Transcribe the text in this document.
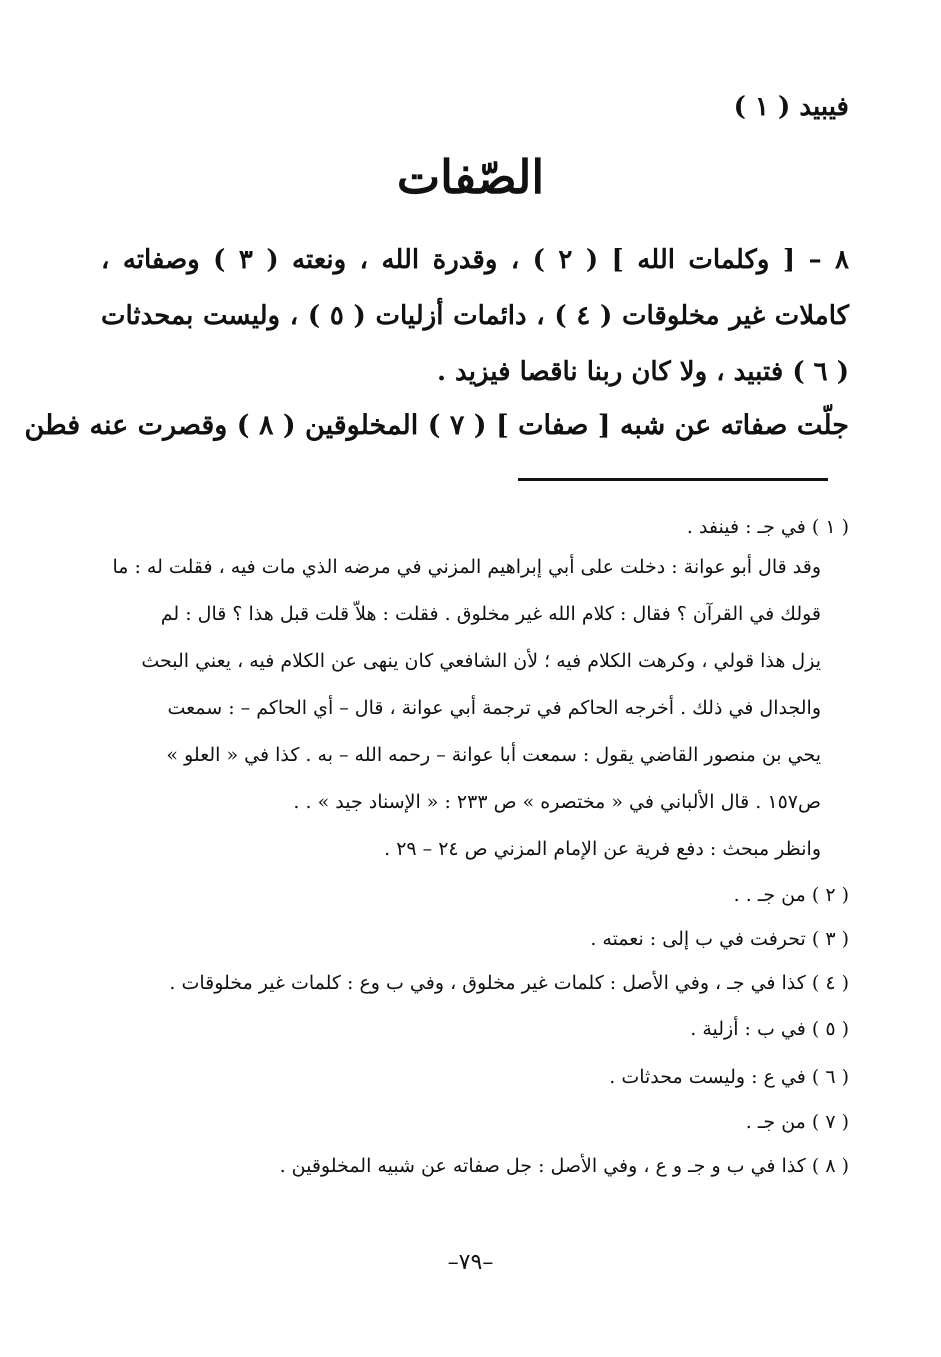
فيبيد ( ١ )
الصّفات
٨ – [ وكلمات الله ] ( ٢ ) ، وقدرة الله ، ونعته ( ٣ ) وصفاته ، كاملات غير مخلوقات ( ٤ ) ، دائمات أزليات ( ٥ ) ، وليست بمحدثات ( ٦ ) فتبيد ، ولا كان ربنا ناقصا فيزيد .
جلّت صفاته عن شبه [ صفات ] ( ٧ ) المخلوقين ( ٨ ) وقصرت عنه فطن
( ١ ) في جـ : فينفد .
وقد قال أبو عوانة : دخلت على أبي إبراهيم المزني في مرضه الذي مات فيه ، فقلت له : ما
قولك في القرآن ؟ فقال : كلام الله غير مخلوق . فقلت : هلاّ قلت قبل هذا ؟ قال : لم
يزل هذا قولي ، وكرهت الكلام فيه ؛ لأن الشافعي كان ينهى عن الكلام فيه ، يعني البحث
والجدال في ذلك . أخرجه الحاكم في ترجمة أبي عوانة ، قال – أي الحاكم – : سمعت
يحي بن منصور القاضي يقول : سمعت أبا عوانة – رحمه الله – به . كذا في « العلو »
ص١٥٧ . قال الألباني في « مختصره » ص ٢٣٣ : « الإسناد جيد » . .
وانظر مبحث : دفع فرية عن الإمام المزني ص ٢٤ – ٢٩ .
( ٢ ) من جـ . .
( ٣ ) تحرفت في ب إلى : نعمته .
( ٤ ) كذا في جـ ، وفي الأصل : كلمات غير مخلوق ، وفي ب وع : كلمات غير مخلوقات .
( ٥ ) في ب : أزلية .
( ٦ ) في ع : وليست محدثات .
( ٧ ) من جـ .
( ٨ ) كذا في ب و جـ و ع ، وفي الأصل : جل صفاته عن شبيه المخلوقين .
–٧٩–
